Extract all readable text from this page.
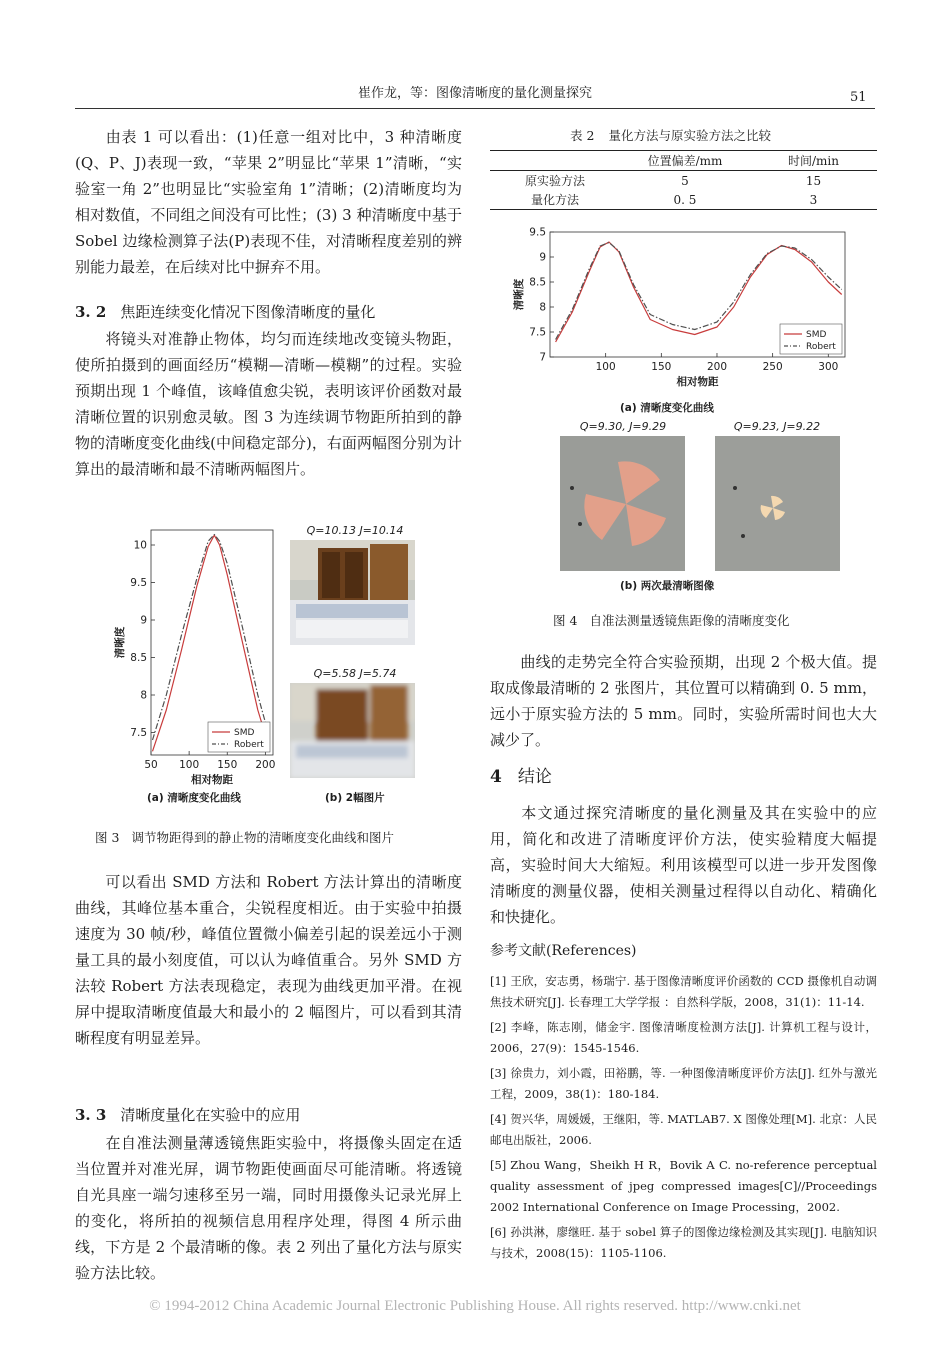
崔作龙，等：图像清晰度的量化测量探究	51

由表 1 可以看出：(1)任意一组对比中，3 种清晰度(Q、P、J)表现一致，“苹果 2”明显比“苹果 1”清晰，“实验室一角 2”也明显比“实验室角 1”清晰；(2)清晰度均为相对数值，不同组之间没有可比性；(3) 3 种清晰度中基于Sobel 边缘检测算子法(P)表现不佳，对清晰程度差别的辨别能力最差，在后续对比中摒弃不用。

3. 2 焦距连续变化情况下图像清晰度的量化

将镜头对准静止物体，均匀而连续地改变镜头物距，使所拍摄到的画面经历“模糊—清晰—模糊”的过程。实验预期出现 1 个峰值，该峰值愈尖锐，表明该评价函数对最清晰位置的识别愈灵敏。图 3 为连续调节物距所拍到的静物的清晰度变化曲线(中间稳定部分)，右面两幅图分别为计算出的最清晰和最不清晰两幅图片。

50 100 150 200
7.5
8
8.5
9
9.5
10
相对物距
清晰度
SMD
Robert
(a) 清晰度变化曲线
Q=10.13 J=10.14
Q=5.58 J=5.74
(b) 2幅图片
图 3 调节物距得到的静止物的清晰度变化曲线和图片

可以看出 SMD 方法和 Robert 方法计算出的清晰度曲线，其峰位基本重合，尖锐程度相近。由于实验中拍摄速度为 30 帧/秒，峰值位置微小偏差引起的误差远小于测量工具的最小刻度值，可以认为峰值重合。另外 SMD 方法较 Robert 方法表现稳定，表现为曲线更加平滑。在视屏中提取清晰度值最大和最小的 2 幅图片，可以看到其清晰程度有明显差异。

3. 3 清晰度量化在实验中的应用

在自准法测量薄透镜焦距实验中，将摄像头固定在适当位置并对准光屏，调节物距使画面尽可能清晰。将透镜自光具座一端匀速移至另一端，同时用摄像头记录光屏上的变化，将所拍的视频信息用程序处理，得图 4 所示曲线，下方是 2 个最清晰的像。表 2 列出了量化方法与原实验方法比较。

表 2 量化方法与原实验方法之比较
	位置偏差/mm	时间/min
原实验方法	5	15
量化方法	0. 5	3
100	150	200	250	300
7
7.5
8
8.5
9
9.5
相对物距
清晰度
SMD
Robert
(a) 清晰度变化曲线
Q=9.30, J=9.29	Q=9.23, J=9.22
(b) 两次最清晰图像
图 4 自准法测量透镜焦距像的清晰度变化

曲线的走势完全符合实验预期，出现 2 个极大值。提取成像最清晰的 2 张图片，其位置可以精确到 0. 5 mm，远小于原实验方法的 5 mm。同时，实验所需时间也大大减少了。

4 结论

本文通过探究清晰度的量化测量及其在实验中的应用，简化和改进了清晰度评价方法，使实验精度大幅提高，实验时间大大缩短。利用该模型可以进一步开发图像清晰度的测量仪器，使相关测量过程得以自动化、精确化和快捷化。

参考文献(References)

[1] 王欣，安志勇，杨瑞宁. 基于图像清晰度评价函数的 CCD 摄像机自动调焦技术研究[J]. 长春理工大学学报 ：自然科学版，2008，31(1)：11-14.

[2] 李峰，陈志刚，储金宇. 图像清晰度检测方法[J]. 计算机工程与设计，2006，27(9)：1545-1546.

[3] 徐贵力，刘小霞，田裕鹏，等. 一种图像清晰度评价方法[J]. 红外与激光工程，2009，38(1)：180-184.

[4] 贺兴华，周媛媛，王继阳，等. MATLAB7. X 图像处理[M]. 北京：人民邮电出版社，2006.

[5] Zhou Wang，Sheikh H R，Bovik A C. no-reference perceptual quality assessment of jpeg compressed images[C]//Proceedings 2002 International Conference on Image Processing，2002.

[6] 孙洪淋，廖继旺. 基于 sobel 算子的图像边缘检测及其实现[J]. 电脑知识与技术，2008(15)：1105-1106.

© 1994-2012 China Academic Journal Electronic Publishing House. All rights reserved. http://www.cnki.net
